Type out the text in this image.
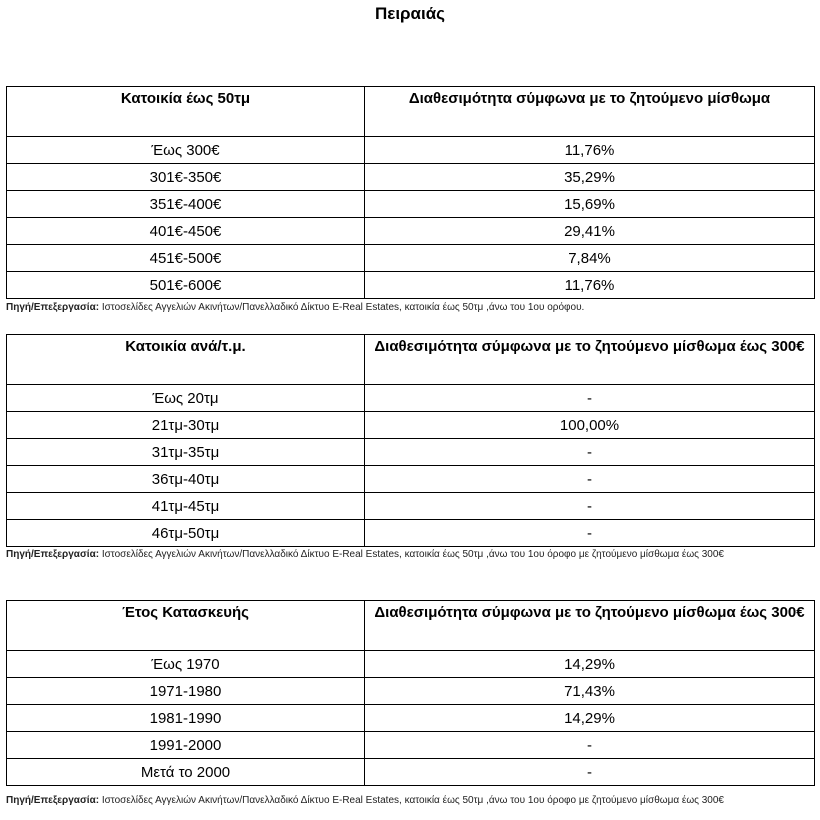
Πειραιάς
Κατοικία έως 50τμ	Διαθεσιμότητα σύμφωνα με το ζητούμενο μίσθωμα
Έως 300€	11,76%
301€-350€	35,29%
351€-400€	15,69%
401€-450€	29,41%
451€-500€	7,84%
501€-600€	11,76%
Πηγή/Επεξεργασία: Ιστοσελίδες Αγγελιών Ακινήτων/Πανελλαδικό Δίκτυο E-Real Estates, κατοικία έως 50τμ ,άνω του 1ου ορόφου.
Κατοικία ανά/τ.μ.	Διαθεσιμότητα σύμφωνα με το ζητούμενο μίσθωμα έως 300€
Έως 20τμ	-
21τμ-30τμ	100,00%
31τμ-35τμ	-
36τμ-40τμ	-
41τμ-45τμ	-
46τμ-50τμ	-
Πηγή/Επεξεργασία: Ιστοσελίδες Αγγελιών Ακινήτων/Πανελλαδικό Δίκτυο E-Real Estates, κατοικία έως 50τμ ,άνω του 1ου όροφο με ζητούμενο μίσθωμα έως 300€
Έτος Κατασκευής	Διαθεσιμότητα σύμφωνα με το ζητούμενο μίσθωμα έως 300€
Έως 1970	14,29%
1971-1980	71,43%
1981-1990	14,29%
1991-2000	-
Μετά το 2000	-
Πηγή/Επεξεργασία: Ιστοσελίδες Αγγελιών Ακινήτων/Πανελλαδικό Δίκτυο E-Real Estates, κατοικία έως 50τμ ,άνω του 1ου όροφο με ζητούμενο μίσθωμα έως 300€
